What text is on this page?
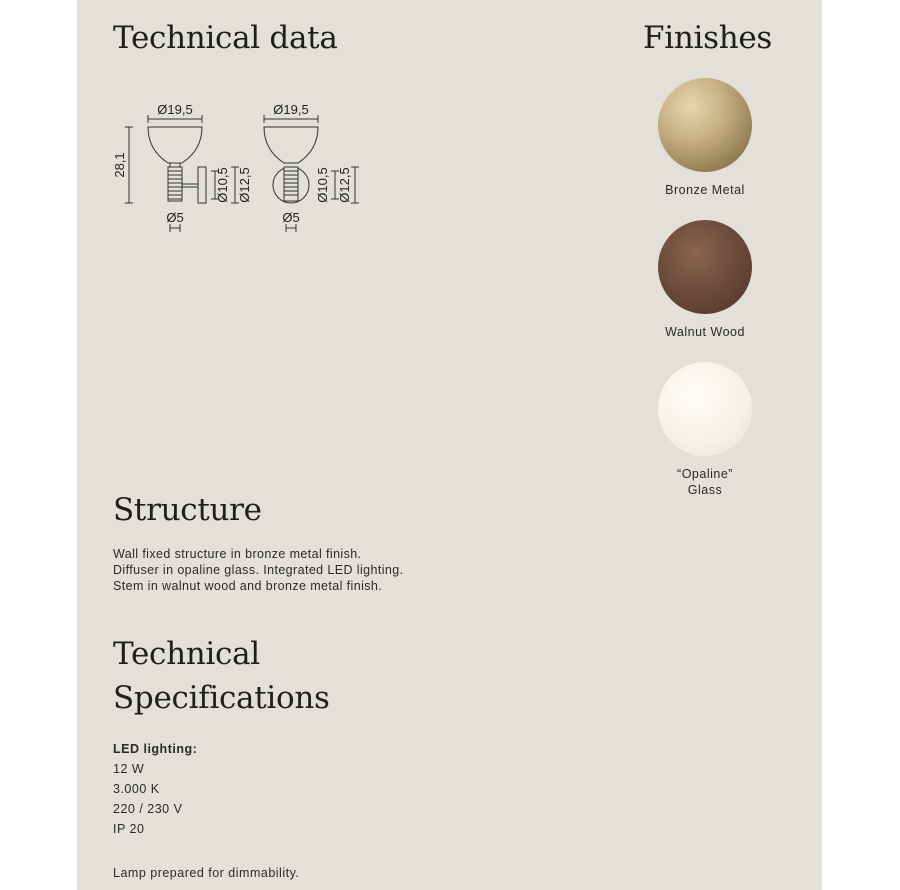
Technical data	Finishes
Ø19,5	Ø19,5
28,1
Ø5	Ø5
Ø10,5 Ø12,5	Ø10,5 Ø12,5	Bronze Metal
Walnut Wood
“Opaline”
Glass
Structure
Wall fixed structure in bronze metal finish.
Diffuser in opaline glass. Integrated LED lighting.
Stem in walnut wood and bronze metal finish.
Technical
Specifications
LED lighting:
12 W
3.000 K
220 / 230 V
IP 20
Lamp prepared for dimmability.
